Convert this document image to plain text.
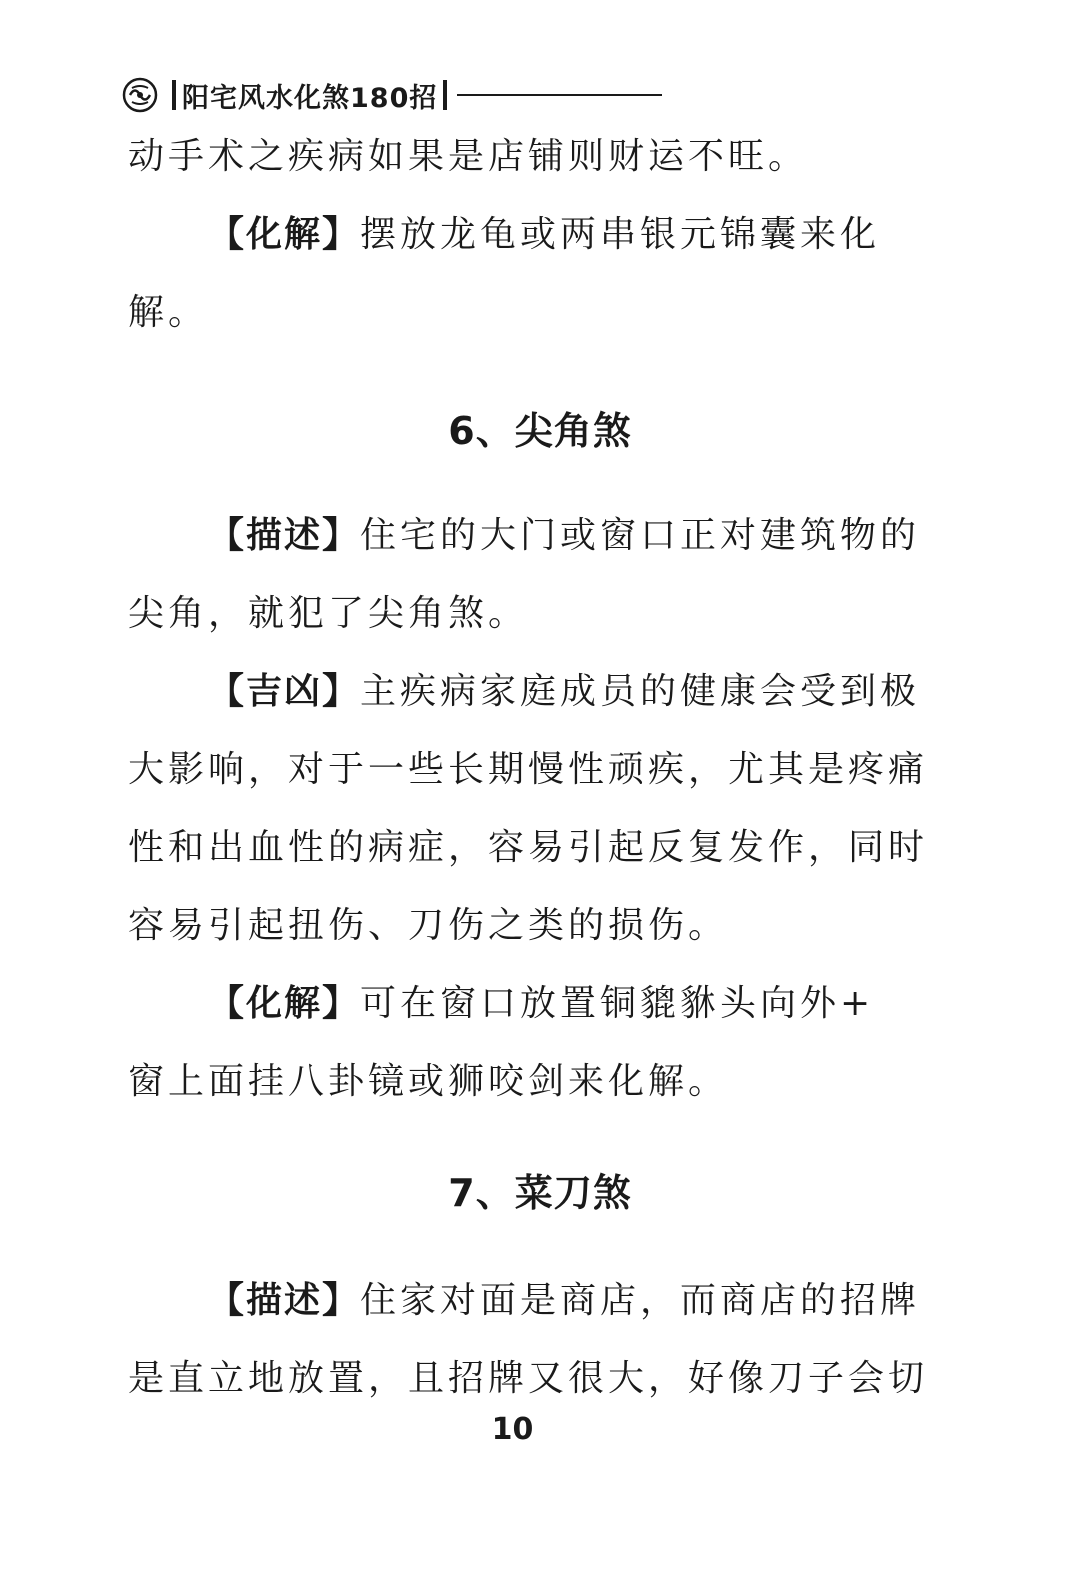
阳宅风水化煞180招
动手术之疾病如果是店铺则财运不旺。
【化解】摆放龙龟或两串银元锦囊来化
解。
6、尖角煞
【描述】住宅的大门或窗口正对建筑物的
尖角，就犯了尖角煞。
【吉凶】主疾病家庭成员的健康会受到极
大影响，对于一些长期慢性顽疾，尤其是疼痛
性和出血性的病症，容易引起反复发作，同时
容易引起扭伤、刀伤之类的损伤。
【化解】可在窗口放置铜貔貅头向外+
窗上面挂八卦镜或狮咬剑来化解。
7、菜刀煞
【描述】住家对面是商店，而商店的招牌
是直立地放置，且招牌又很大，好像刀子会切
10
